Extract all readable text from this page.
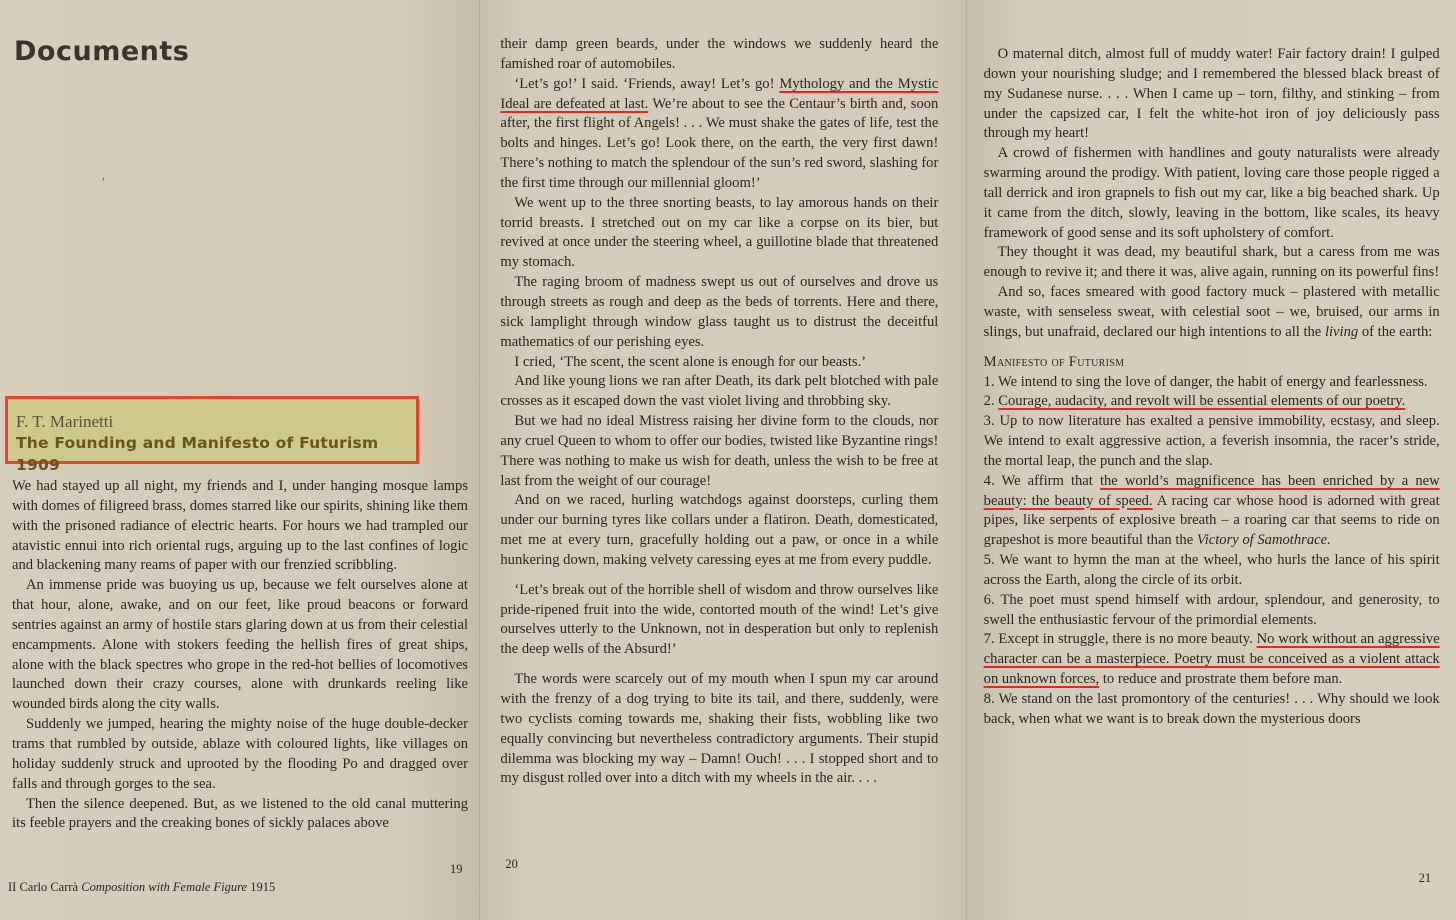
Documents
,
F. T. Marinetti
The Founding and Manifesto of Futurism 1909

We had stayed up all night, my friends and I, under hanging mosque lamps with domes of filigreed brass, domes starred like our spirits, shining like them with the prisoned radiance of electric hearts. For hours we had trampled our atavistic ennui into rich oriental rugs, arguing up to the last confines of logic and blackening many reams of paper with our frenzied scribbling.

An immense pride was buoying us up, because we felt ourselves alone at that hour, alone, awake, and on our feet, like proud beacons or forward sentries against an army of hostile stars glaring down at us from their celestial encampments. Alone with stokers feeding the hellish fires of great ships, alone with the black spectres who grope in the red-hot bellies of locomotives launched down their crazy courses, alone with drunkards reeling like wounded birds along the city walls.

Suddenly we jumped, hearing the mighty noise of the huge double-decker trams that rumbled by outside, ablaze with coloured lights, like villages on holiday suddenly struck and uprooted by the flooding Po and dragged over falls and through gorges to the sea.

Then the silence deepened. But, as we listened to the old canal muttering its feeble prayers and the creaking bones of sickly palaces above

19
II Carlo Carrà Composition with Female Figure 1915

their damp green beards, under the windows we suddenly heard the famished roar of automobiles.

‘Let’s go!’ I said. ‘Friends, away! Let’s go! Mythology and the Mystic Ideal are defeated at last. We’re about to see the Centaur’s birth and, soon after, the first flight of Angels! . . . We must shake the gates of life, test the bolts and hinges. Let’s go! Look there, on the earth, the very first dawn! There’s nothing to match the splendour of the sun’s red sword, slashing for the first time through our millennial gloom!’

We went up to the three snorting beasts, to lay amorous hands on their torrid breasts. I stretched out on my car like a corpse on its bier, but revived at once under the steering wheel, a guillotine blade that threatened my stomach.

The raging broom of madness swept us out of ourselves and drove us through streets as rough and deep as the beds of torrents. Here and there, sick lamplight through window glass taught us to distrust the deceitful mathematics of our perishing eyes.

I cried, ‘The scent, the scent alone is enough for our beasts.’

And like young lions we ran after Death, its dark pelt blotched with pale crosses as it escaped down the vast violet living and throbbing sky.

But we had no ideal Mistress raising her divine form to the clouds, nor any cruel Queen to whom to offer our bodies, twisted like Byzantine rings! There was nothing to make us wish for death, unless the wish to be free at last from the weight of our courage!

And on we raced, hurling watchdogs against doorsteps, curling them under our burning tyres like collars under a flatiron. Death, domesticated, met me at every turn, gracefully holding out a paw, or once in a while hunkering down, making velvety caressing eyes at me from every puddle.

‘Let’s break out of the horrible shell of wisdom and throw ourselves like pride-ripened fruit into the wide, contorted mouth of the wind! Let’s give ourselves utterly to the Unknown, not in desperation but only to replenish the deep wells of the Absurd!’

The words were scarcely out of my mouth when I spun my car around with the frenzy of a dog trying to bite its tail, and there, suddenly, were two cyclists coming towards me, shaking their fists, wobbling like two equally convincing but nevertheless contradictory arguments. Their stupid dilemma was blocking my way – Damn! Ouch! . . . I stopped short and to my disgust rolled over into a ditch with my wheels in the air. . . .

20

O maternal ditch, almost full of muddy water! Fair factory drain! I gulped down your nourishing sludge; and I remembered the blessed black breast of my Sudanese nurse. . . . When I came up – torn, filthy, and stinking – from under the capsized car, I felt the white-hot iron of joy deliciously pass through my heart!

A crowd of fishermen with handlines and gouty naturalists were already swarming around the prodigy. With patient, loving care those people rigged a tall derrick and iron grapnels to fish out my car, like a big beached shark. Up it came from the ditch, slowly, leaving in the bottom, like scales, its heavy framework of good sense and its soft upholstery of comfort.

They thought it was dead, my beautiful shark, but a caress from me was enough to revive it; and there it was, alive again, running on its powerful fins!

And so, faces smeared with good factory muck – plastered with metallic waste, with senseless sweat, with celestial soot – we, bruised, our arms in slings, but unafraid, declared our high intentions to all the living of the earth:

Manifesto of Futurism

1. We intend to sing the love of danger, the habit of energy and fearlessness.

2. Courage, audacity, and revolt will be essential elements of our poetry.

3. Up to now literature has exalted a pensive immobility, ecstasy, and sleep. We intend to exalt aggressive action, a feverish insomnia, the racer’s stride, the mortal leap, the punch and the slap.

4. We affirm that the world’s magnificence has been enriched by a new beauty: the beauty of speed. A racing car whose hood is adorned with great pipes, like serpents of explosive breath – a roaring car that seems to ride on grapeshot is more beautiful than the Victory of Samothrace.

5. We want to hymn the man at the wheel, who hurls the lance of his spirit across the Earth, along the circle of its orbit.

6. The poet must spend himself with ardour, splendour, and generosity, to swell the enthusiastic fervour of the primordial elements.

7. Except in struggle, there is no more beauty. No work without an aggressive character can be a masterpiece. Poetry must be conceived as a violent attack on unknown forces, to reduce and prostrate them before man.

8. We stand on the last promontory of the centuries! . . . Why should we look back, when what we want is to break down the mysterious doors

21
